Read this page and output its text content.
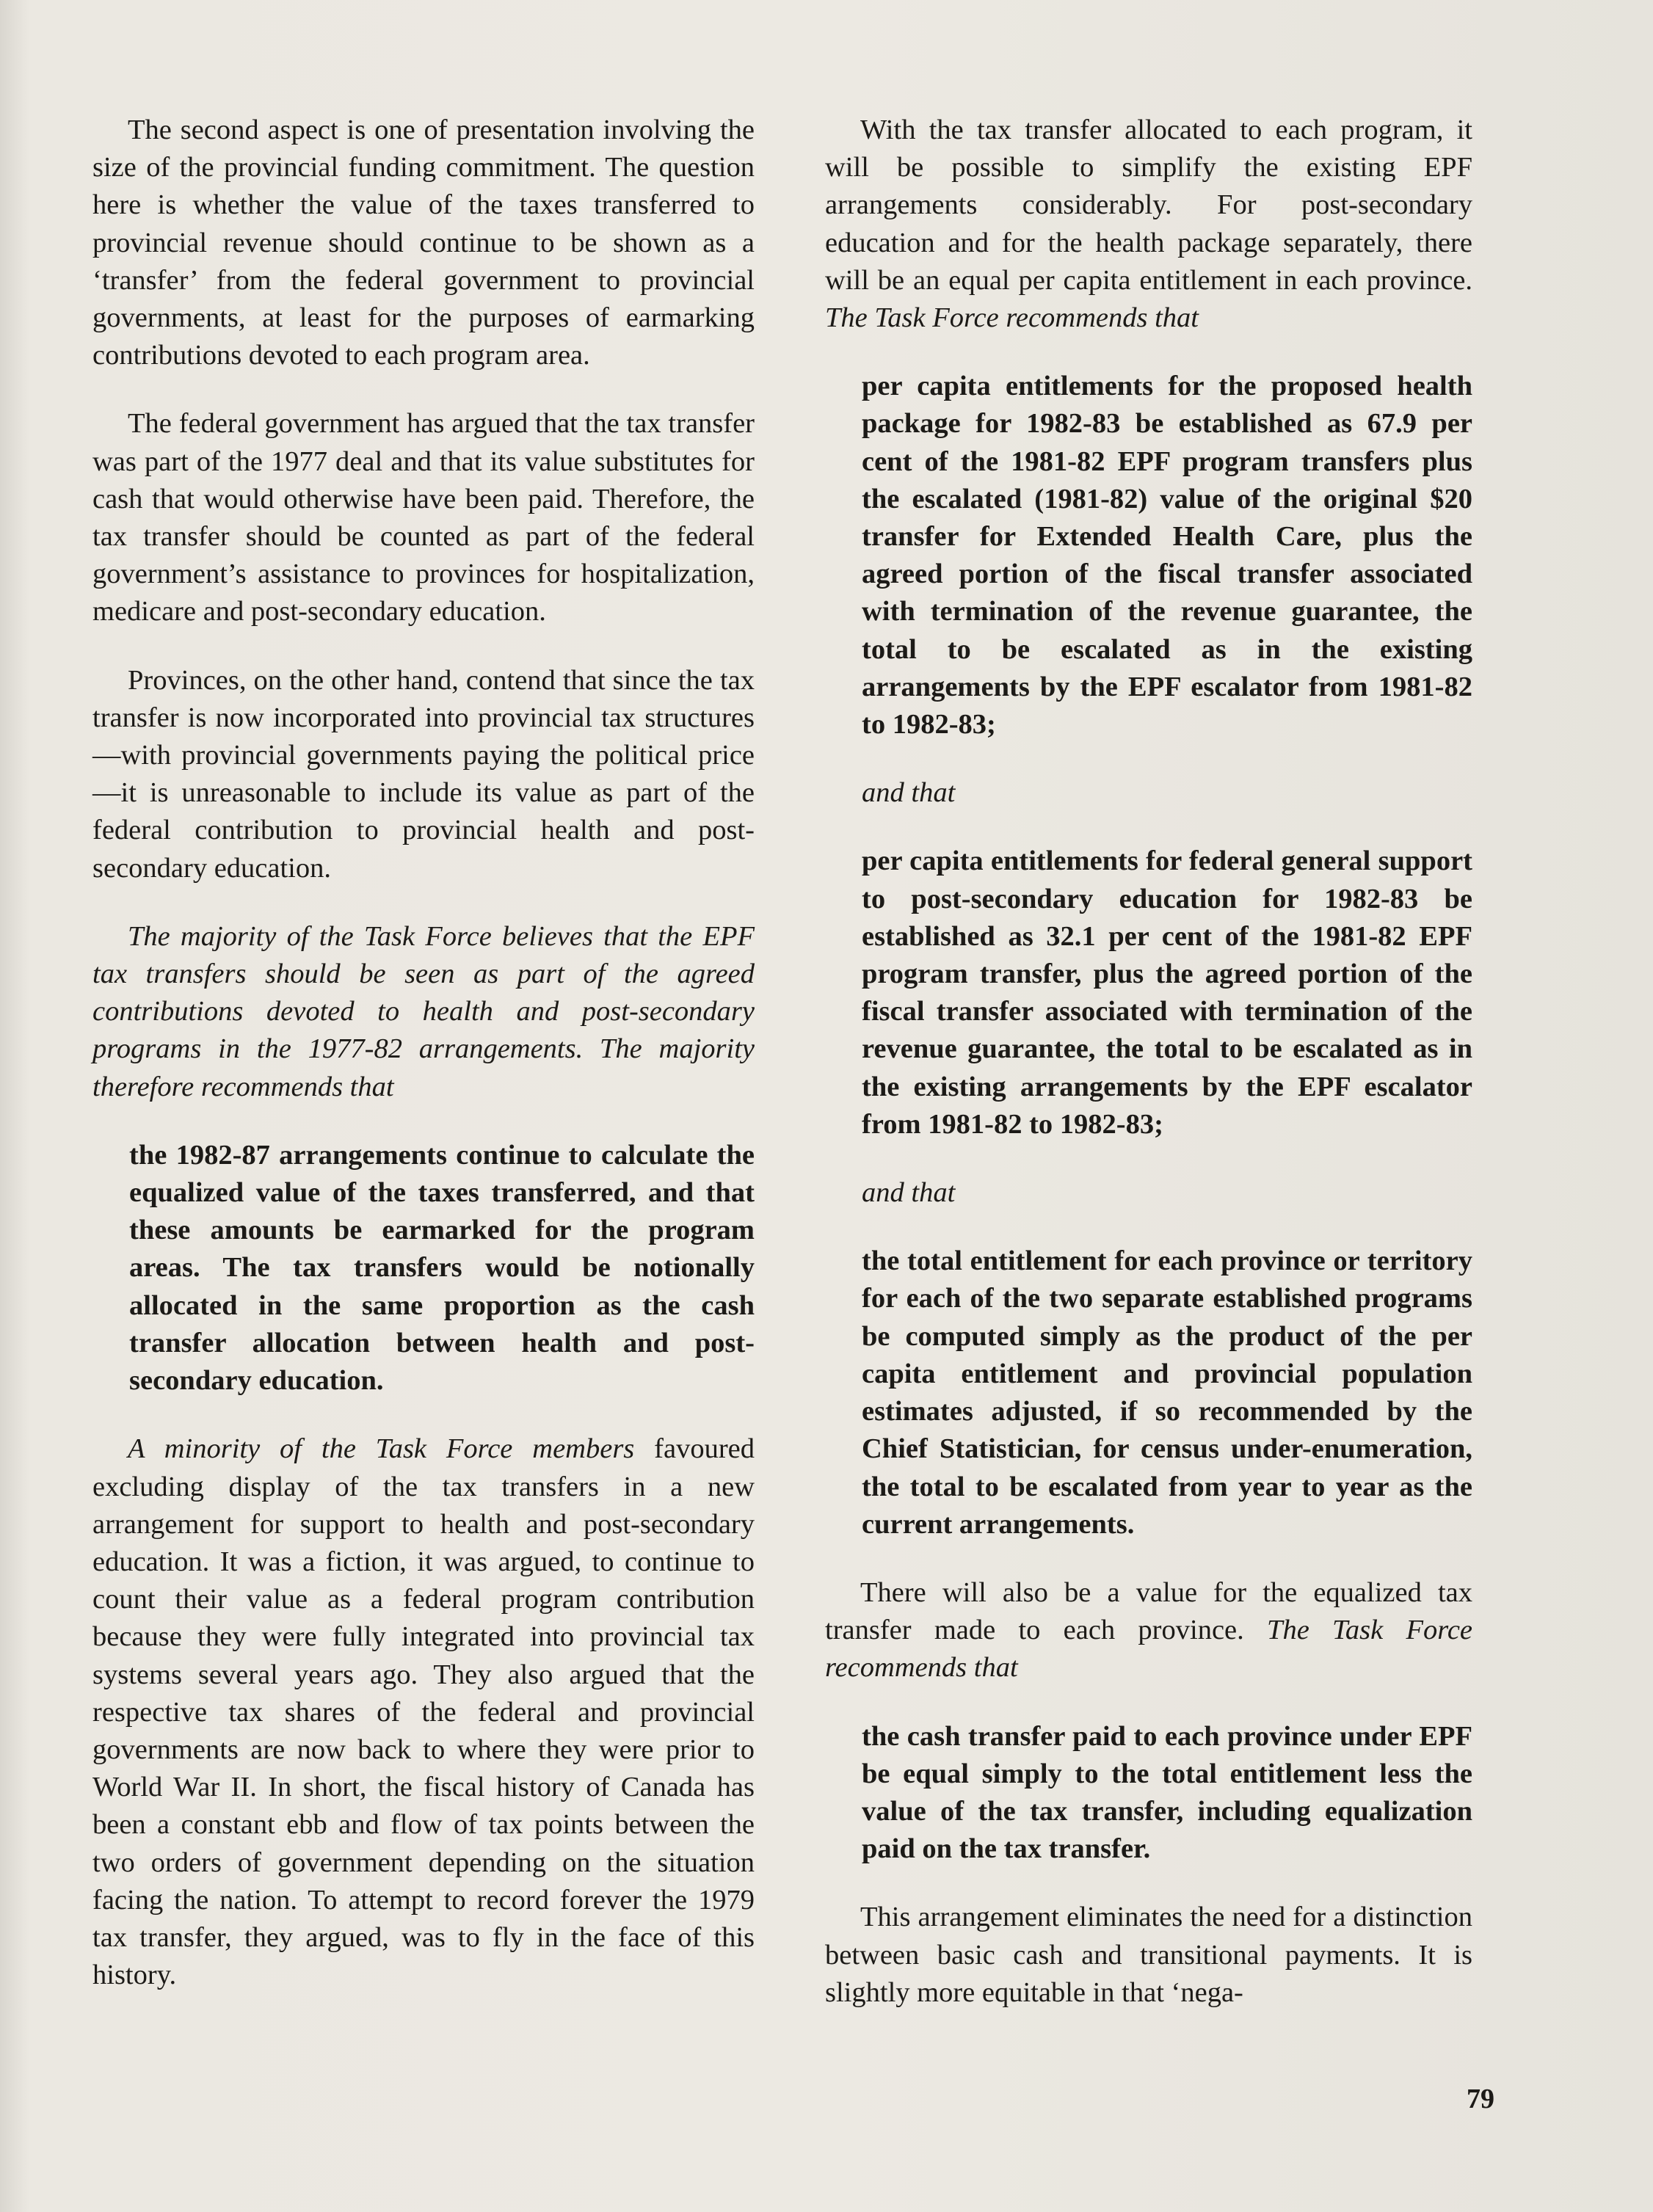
The second aspect is one of presentation involving the size of the provincial funding commitment. The question here is whether the value of the taxes transferred to provincial revenue should continue to be shown as a ‘transfer’ from the federal government to provincial governments, at least for the purposes of earmarking contributions devoted to each program area.

The federal government has argued that the tax transfer was part of the 1977 deal and that its value substitutes for cash that would otherwise have been paid. Therefore, the tax transfer should be counted as part of the federal government’s assistance to provinces for hospitalization, medicare and post-secondary education.

Provinces, on the other hand, contend that since the tax transfer is now incorporated into provincial tax structures—with provincial governments paying the political price—it is unreasonable to include its value as part of the federal contribution to provincial health and post-secondary education.

The majority of the Task Force believes that the EPF tax transfers should be seen as part of the agreed contributions devoted to health and post-secondary programs in the 1977-82 arrangements. The majority therefore recommends that

the 1982-87 arrangements continue to calculate the equalized value of the taxes transferred, and that these amounts be earmarked for the program areas. The tax transfers would be notionally allocated in the same proportion as the cash transfer allocation between health and post-secondary education.

A minority of the Task Force members favoured excluding display of the tax transfers in a new arrangement for support to health and post-secondary education. It was a fiction, it was argued, to continue to count their value as a federal program contribution because they were fully integrated into provincial tax systems several years ago. They also argued that the respective tax shares of the federal and provincial governments are now back to where they were prior to World War II. In short, the fiscal history of Canada has been a constant ebb and flow of tax points between the two orders of government depending on the situation facing the nation. To attempt to record forever the 1979 tax transfer, they argued, was to fly in the face of this history.

With the tax transfer allocated to each program, it will be possible to simplify the existing EPF arrangements considerably. For post-secondary education and for the health package separately, there will be an equal per capita entitlement in each province. The Task Force recommends that

per capita entitlements for the proposed health package for 1982-83 be established as 67.9 per cent of the 1981-82 EPF program transfers plus the escalated (1981-82) value of the original $20 transfer for Extended Health Care, plus the agreed portion of the fiscal transfer associated with termination of the revenue guarantee, the total to be escalated as in the existing arrangements by the EPF escalator from 1981-82 to 1982-83;

and that

per capita entitlements for federal general support to post-secondary education for 1982-83 be established as 32.1 per cent of the 1981-82 EPF program transfer, plus the agreed portion of the fiscal transfer associated with termination of the revenue guarantee, the total to be escalated as in the existing arrangements by the EPF escalator from 1981-82 to 1982-83;

and that

the total entitlement for each province or territory for each of the two separate established programs be computed simply as the product of the per capita entitlement and provincial population estimates adjusted, if so recommended by the Chief Statistician, for census under-enumeration, the total to be escalated from year to year as the current arrangements.

There will also be a value for the equalized tax transfer made to each province. The Task Force recommends that

the cash transfer paid to each province under EPF be equal simply to the total entitlement less the value of the tax transfer, including equalization paid on the tax transfer.

This arrangement eliminates the need for a distinction between basic cash and transitional payments. It is slightly more equitable in that ‘nega-

79
